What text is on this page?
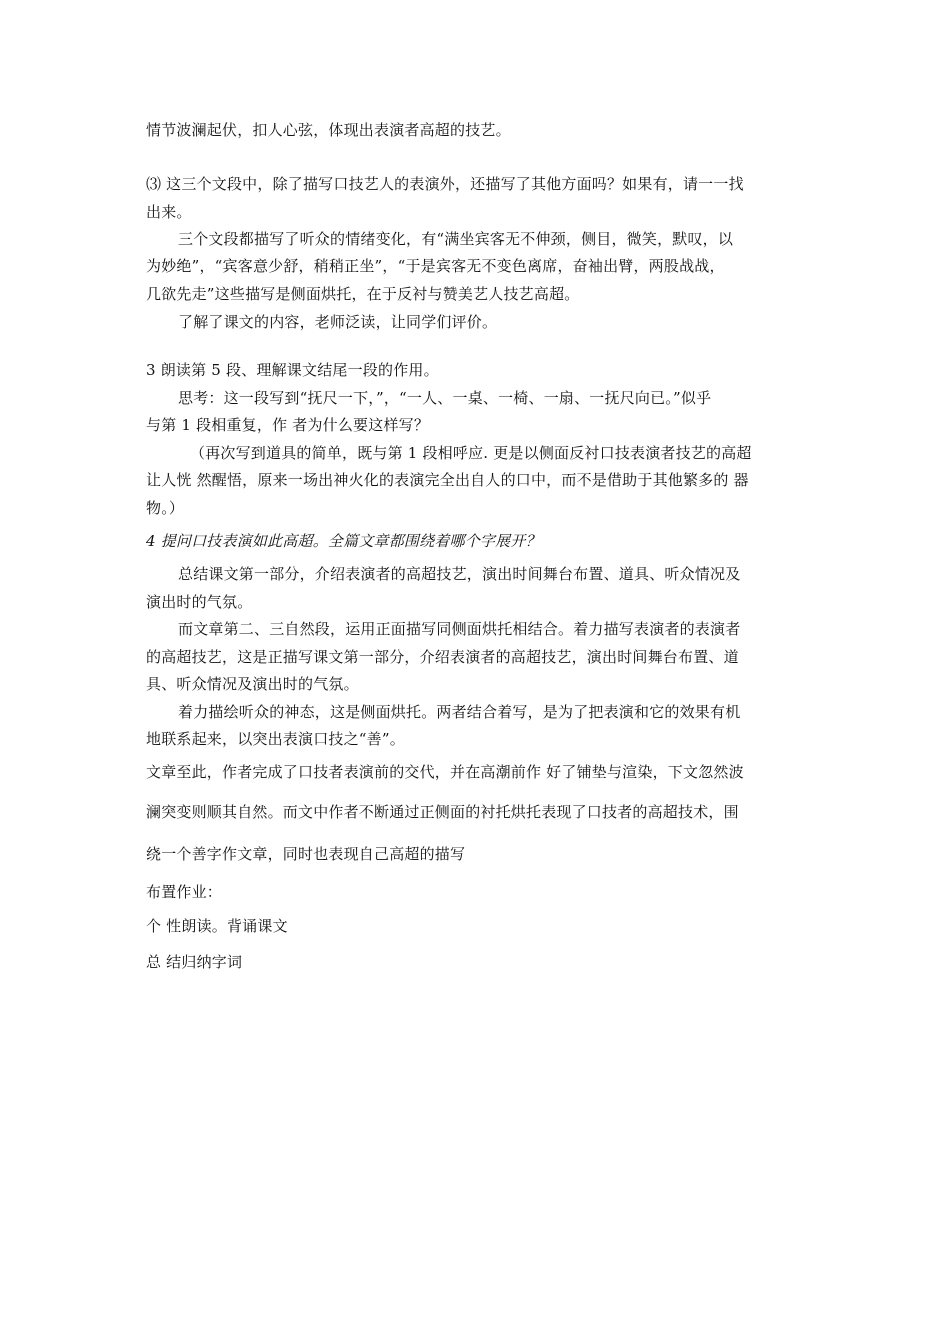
情节波澜起伏，扣人心弦，体现出表演者高超的技艺。
⑶ 这三个文段中，除了描写口技艺人的表演外，还描写了其他方面吗？如果有，请一一找
出来。
三个文段都描写了听众的情绪变化，有“满坐宾客无不伸颈，侧目，微笑，默叹，以
为妙绝”，“宾客意少舒，稍稍正坐”，“于是宾客无不变色离席，奋袖出臂，两股战战，
几欲先走”这些描写是侧面烘托，在于反衬与赞美艺人技艺高超。
了解了课文的内容，老师泛读，让同学们评价。
3 朗读第 5 段、理解课文结尾一段的作用。
思考：这一段写到“抚尺一下，”，“一人、一桌、一椅、一扇、一抚尺向已。”似乎
与第 1 段相重复，作 者为什么要这样写？
（再次写到道具的简单，既与第 1 段相呼应. 更是以侧面反衬口技表演者技艺的高超
让人恍 然醒悟，原来一场出神火化的表演完全出自人的口中，而不是借助于其他繁多的 器
物。）
4 提问口技表演如此高超。全篇文章都围绕着哪个字展开？
总结课文第一部分，介绍表演者的高超技艺，演出时间舞台布置、道具、听众情况及
演出时的气氛。
而文章第二、三自然段，运用正面描写同侧面烘托相结合。着力描写表演者的表演者
的高超技艺，这是正描写课文第一部分，介绍表演者的高超技艺，演出时间舞台布置、道
具、听众情况及演出时的气氛。
着力描绘听众的神态，这是侧面烘托。两者结合着写，是为了把表演和它的效果有机
地联系起来，以突出表演口技之“善”。
文章至此，作者完成了口技者表演前的交代，并在高潮前作 好了铺垫与渲染，下文忽然波
澜突变则顺其自然。而文中作者不断通过正侧面的衬托烘托表现了口技者的高超技术，围
绕一个善字作文章，同时也表现自己高超的描写
布置作业：
个 性朗读。背诵课文
总 结归纳字词
